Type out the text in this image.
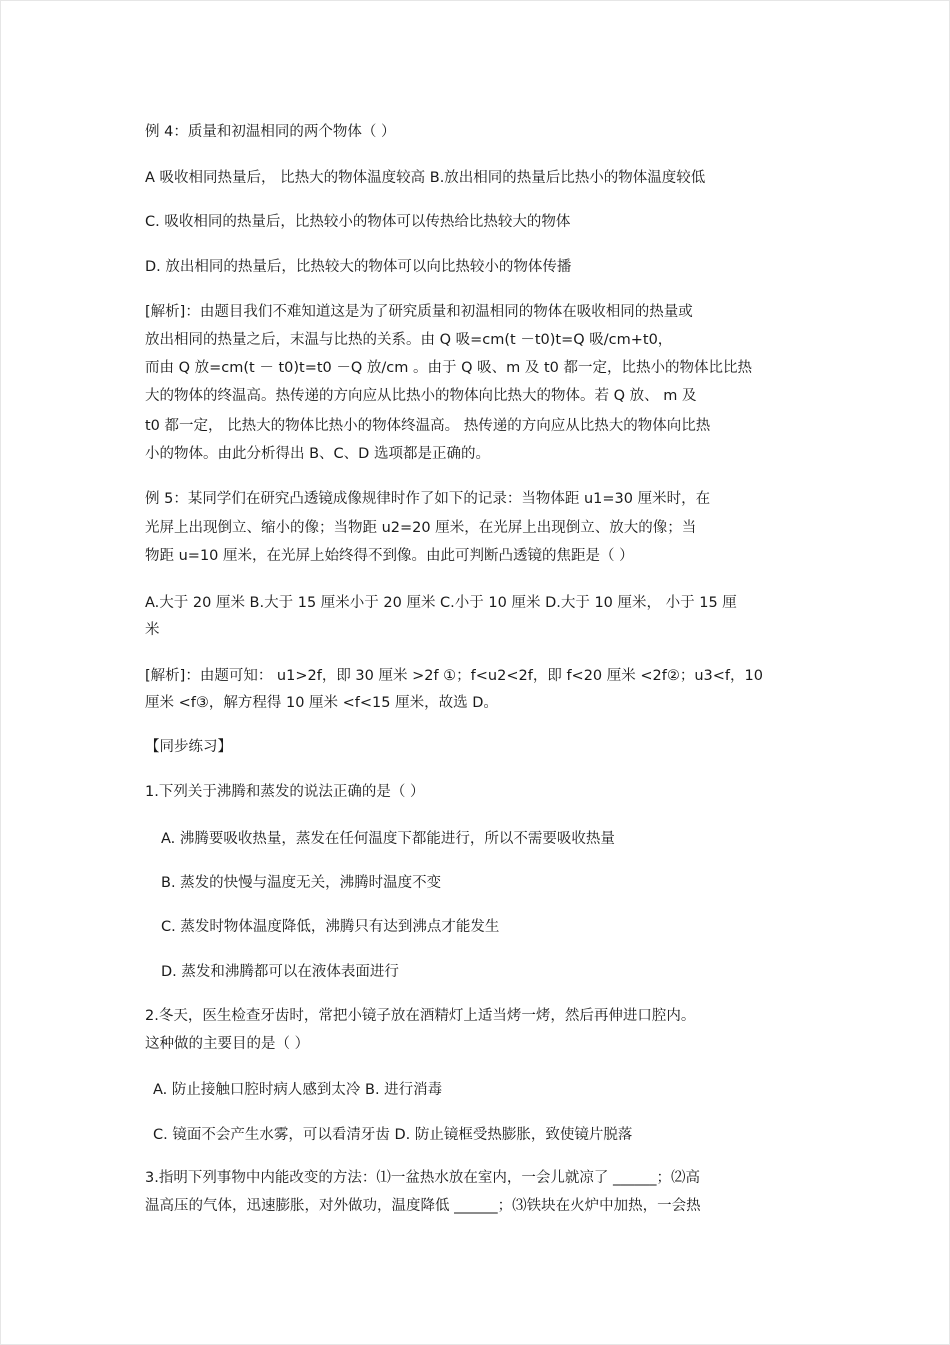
例 4：质量和初温相同的两个物体（ ）
A 吸收相同热量后， 比热大的物体温度较高 B.放出相同的热量后比热小的物体温度较低
C. 吸收相同的热量后，比热较小的物体可以传热给比热较大的物体
D. 放出相同的热量后，比热较大的物体可以向比热较小的物体传播
[解析]：由题目我们不难知道这是为了研究质量和初温相同的物体在吸收相同的热量或
放出相同的热量之后，末温与比热的关系。由 Q 吸=cm(t －t0)t=Q 吸/cm+t0，
而由 Q 放=cm(t － t0)t=t0 －Q 放/cm 。由于 Q 吸、m 及 t0 都一定，比热小的物体比比热
大的物体的终温高。热传递的方向应从比热小的物体向比热大的物体。若 Q 放、 m 及
t0 都一定， 比热大的物体比热小的物体终温高。 热传递的方向应从比热大的物体向比热
小的物体。由此分析得出 B、C、D 选项都是正确的。
例 5：某同学们在研究凸透镜成像规律时作了如下的记录：当物体距 u1=30 厘米时，在
光屏上出现倒立、缩小的像；当物距 u2=20 厘米，在光屏上出现倒立、放大的像；当
物距 u=10 厘米，在光屏上始终得不到像。由此可判断凸透镜的焦距是（ ）
A.大于 20 厘米 B.大于 15 厘米小于 20 厘米 C.小于 10 厘米 D.大于 10 厘米， 小于 15 厘
米
[解析]：由题可知： u1>2f，即 30 厘米 >2f ①；f<u2<2f，即 f<20 厘米 <2f②；u3<f，10
厘米 <f③，解方程得 10 厘米 <f<15 厘米，故选 D。
【同步练习】
1.下列关于沸腾和蒸发的说法正确的是（ ）
A. 沸腾要吸收热量，蒸发在任何温度下都能进行，所以不需要吸收热量
B. 蒸发的快慢与温度无关，沸腾时温度不变
C. 蒸发时物体温度降低，沸腾只有达到沸点才能发生
D. 蒸发和沸腾都可以在液体表面进行
2.冬天，医生检查牙齿时，常把小镜子放在酒精灯上适当烤一烤，然后再伸进口腔内。
这种做的主要目的是（ ）
A. 防止接触口腔时病人感到太冷 B. 进行消毒
C. 镜面不会产生水雾，可以看清牙齿 D. 防止镜框受热膨胀，致使镜片脱落
3.指明下列事物中内能改变的方法：⑴一盆热水放在室内，一会儿就凉了 ______；⑵高
温高压的气体，迅速膨胀，对外做功，温度降低 ______；⑶铁块在火炉中加热，一会热
